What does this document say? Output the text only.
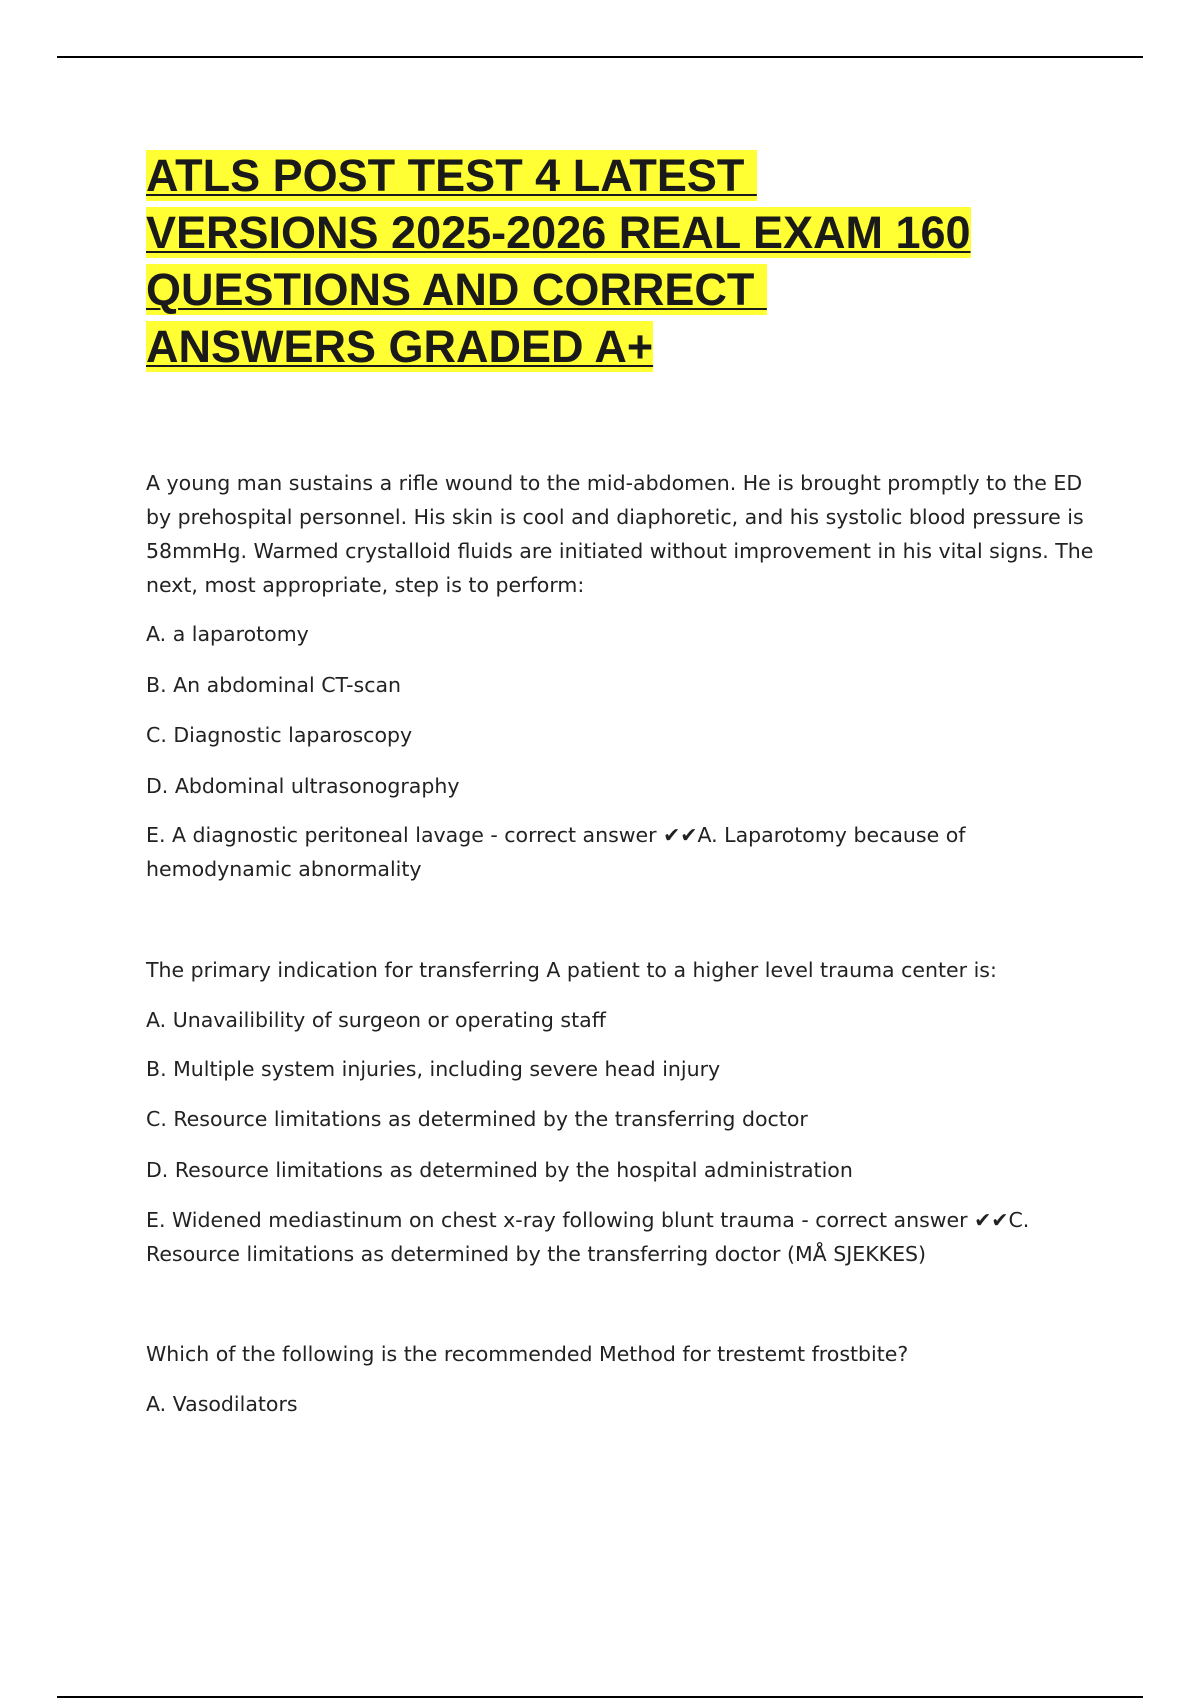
ATLS POST TEST 4 LATEST
VERSIONS 2025-2026 REAL EXAM 160
QUESTIONS AND CORRECT
ANSWERS GRADED A+

A young man sustains a rifle wound to the mid-abdomen. He is brought promptly to the ED by prehospital personnel. His skin is cool and diaphoretic, and his systolic blood pressure is 58mmHg. Warmed crystalloid fluids are initiated without improvement in his vital signs. The next, most appropriate, step is to perform:

A. a laparotomy

B. An abdominal CT-scan

C. Diagnostic laparoscopy

D. Abdominal ultrasonography

E. A diagnostic peritoneal lavage - correct answer ✔✔A. Laparotomy because of hemodynamic abnormality

The primary indication for transferring A patient to a higher level trauma center is:

A. Unavailibility of surgeon or operating staff

B. Multiple system injuries, including severe head injury

C. Resource limitations as determined by the transferring doctor

D. Resource limitations as determined by the hospital administration

E. Widened mediastinum on chest x-ray following blunt trauma - correct answer ✔✔C. Resource limitations as determined by the transferring doctor (MÅ SJEKKES)

Which of the following is the recommended Method for trestemt frostbite?

A. Vasodilators
